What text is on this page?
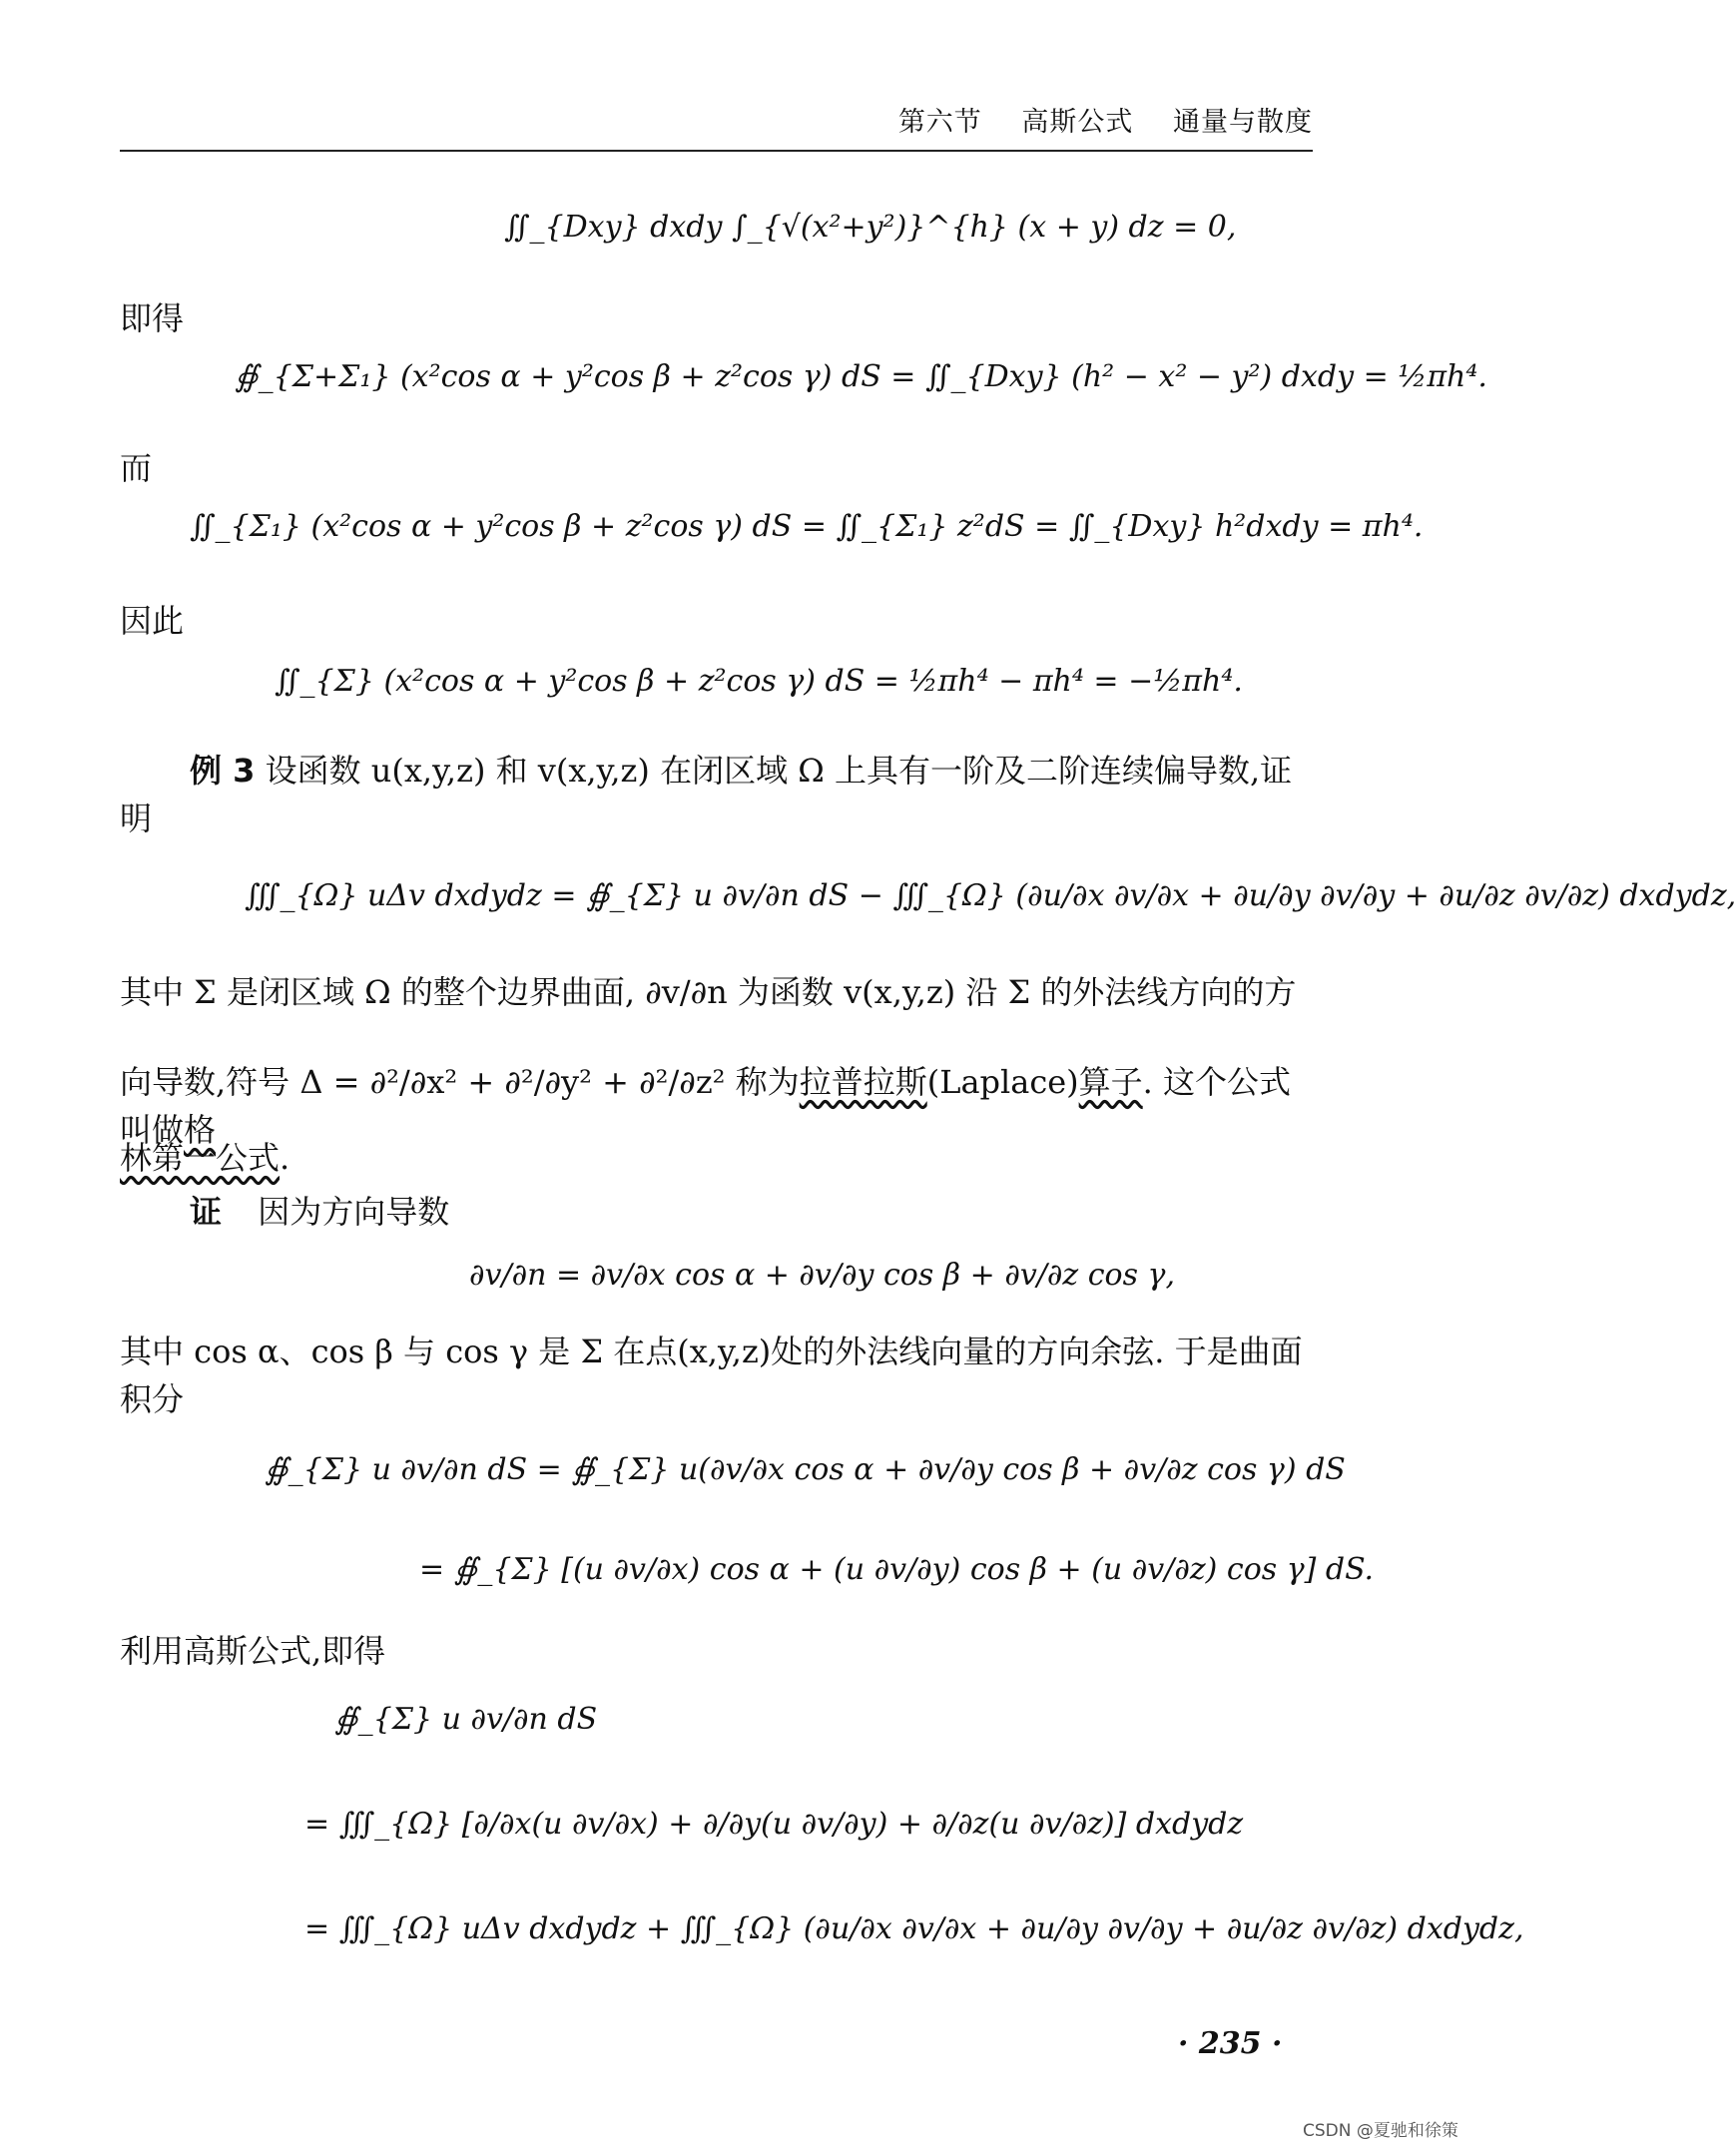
第六节 高斯公式 通量与散度
∬_{Dxy} dxdy ∫_{√(x²+y²)}^{h} (x + y) dz = 0,
即得
∯_{Σ+Σ₁} (x²cos α + y²cos β + z²cos γ) dS = ∬_{Dxy} (h² − x² − y²) dxdy = ½πh⁴.
而
∬_{Σ₁} (x²cos α + y²cos β + z²cos γ) dS = ∬_{Σ₁} z²dS = ∬_{Dxy} h²dxdy = πh⁴.
因此
∬_{Σ} (x²cos α + y²cos β + z²cos γ) dS = ½πh⁴ − πh⁴ = −½πh⁴.
例 3 设函数 u(x,y,z) 和 v(x,y,z) 在闭区域 Ω 上具有一阶及二阶连续偏导数,证明
∭_{Ω} uΔv dxdydz = ∯_{Σ} u ∂v/∂n dS − ∭_{Ω} (∂u/∂x ∂v/∂x + ∂u/∂y ∂v/∂y + ∂u/∂z ∂v/∂z) dxdydz,
其中 Σ 是闭区域 Ω 的整个边界曲面, ∂v/∂n 为函数 v(x,y,z) 沿 Σ 的外法线方向的方
向导数,符号 Δ = ∂²/∂x² + ∂²/∂y² + ∂²/∂z² 称为拉普拉斯(Laplace)算子. 这个公式叫做格
林第一公式.
证 因为方向导数
∂v/∂n = ∂v/∂x cos α + ∂v/∂y cos β + ∂v/∂z cos γ,
其中 cos α、cos β 与 cos γ 是 Σ 在点(x,y,z)处的外法线向量的方向余弦. 于是曲面积分
∯_{Σ} u ∂v/∂n dS = ∯_{Σ} u(∂v/∂x cos α + ∂v/∂y cos β + ∂v/∂z cos γ) dS
= ∯_{Σ} [(u ∂v/∂x) cos α + (u ∂v/∂y) cos β + (u ∂v/∂z) cos γ] dS.
利用高斯公式,即得
∯_{Σ} u ∂v/∂n dS
= ∭_{Ω} [∂/∂x(u ∂v/∂x) + ∂/∂y(u ∂v/∂y) + ∂/∂z(u ∂v/∂z)] dxdydz
= ∭_{Ω} uΔv dxdydz + ∭_{Ω} (∂u/∂x ∂v/∂x + ∂u/∂y ∂v/∂y + ∂u/∂z ∂v/∂z) dxdydz,
· 235 ·
CSDN @夏驰和徐策
